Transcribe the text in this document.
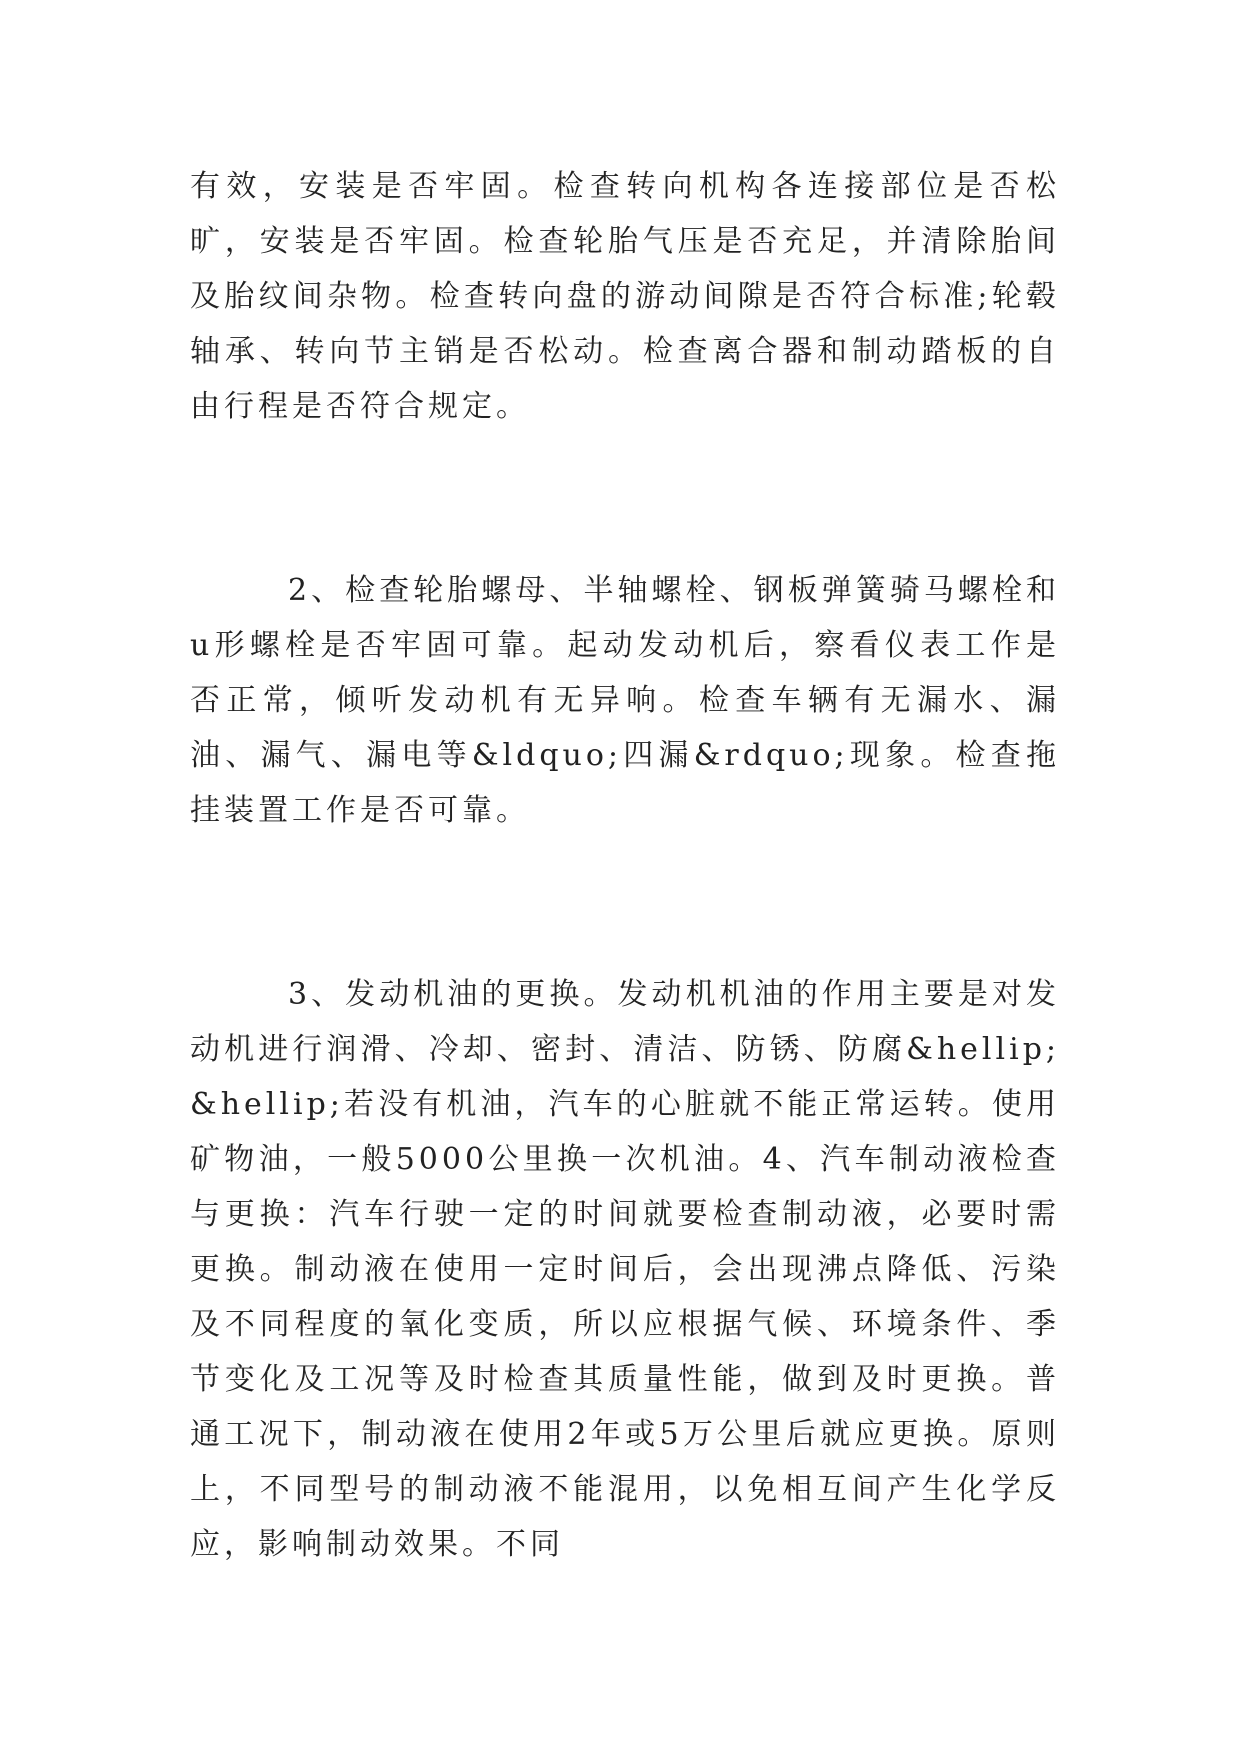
有效，安装是否牢固。检查转向机构各连接部位是否松旷，安装是否牢固。检查轮胎气压是否充足，并清除胎间及胎纹间杂物。检查转向盘的游动间隙是否符合标准;轮毂轴承、转向节主销是否松动。检查离合器和制动踏板的自由行程是否符合规定。

2、检查轮胎螺母、半轴螺栓、钢板弹簧骑马螺栓和u形螺栓是否牢固可靠。起动发动机后，察看仪表工作是否正常，倾听发动机有无异响。检查车辆有无漏水、漏油、漏气、漏电等&ldquo;四漏&rdquo;现象。检查拖挂装置工作是否可靠。

3、发动机油的更换。发动机机油的作用主要是对发动机进行润滑、冷却、密封、清洁、防锈、防腐&hellip;&hellip;若没有机油，汽车的心脏就不能正常运转。使用矿物油，一般5000公里换一次机油。4、汽车制动液检查与更换：汽车行驶一定的时间就要检查制动液，必要时需更换。制动液在使用一定时间后，会出现沸点降低、污染及不同程度的氧化变质，所以应根据气候、环境条件、季节变化及工况等及时检查其质量性能，做到及时更换。普通工况下，制动液在使用2年或5万公里后就应更换。原则上，不同型号的制动液不能混用，以免相互间产生化学反应，影响制动效果。不同
